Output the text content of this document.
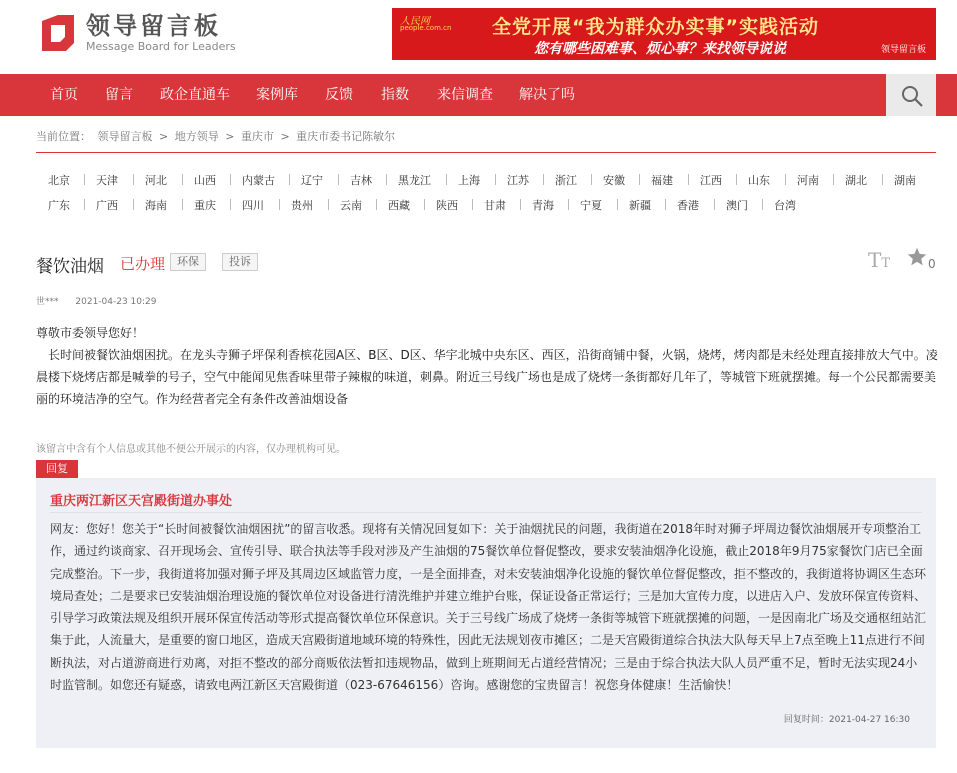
领导留言板
Message Board for Leaders
人民网
people.com.cn 全党开展“我为群众办实事”实践活动
您有哪些困难事、烦心事？来找领导说说	领导留言板
首页 留言 政企直通车 案例库 反馈 指数 来信调查 解决了吗
当前位置： 领导留言板 > 地方领导 > 重庆市 > 重庆市委书记陈敏尔
北京 天津 河北 山西 内蒙古 辽宁 吉林 黑龙江 上海 江苏 浙江 安徽 福建 江西 山东 河南 湖北 湖南
广东 广西 海南 重庆 四川 贵州 云南 西藏 陕西 甘肃 青海 宁夏 新疆 香港 澳门 台湾
餐饮油烟 已办理	环保	投诉	TT	0
世*** 2021-04-23 10:29

尊敬市委领导您好！

长时间被餐饮油烟困扰。在龙头寺狮子坪保利香槟花园A区、B区、D区、华宇北城中央东区、西区，沿街商铺中餐，火锅，烧烤，烤肉都是未经处理直接排放大气中。凌晨楼下烧烤店都是喊拳的号子，空气中能闻见焦香味里带子辣椒的味道，刺鼻。附近三号线广场也是成了烧烤一条街都好几年了，等城管下班就摆摊。每一个公民都需要美丽的环境洁净的空气。作为经营者完全有条件改善油烟设备

该留言中含有个人信息或其他不便公开展示的内容，仅办理机构可见。
回复
重庆两江新区天宫殿街道办事处
网友：您好！您关于“长时间被餐饮油烟困扰”的留言收悉。现将有关情况回复如下：关于油烟扰民的问题，我街道在2018年时对狮子坪周边餐饮油烟展开专项整治工作，通过约谈商家、召开现场会、宣传引导、联合执法等手段对涉及产生油烟的75餐饮单位督促整改，要求安装油烟净化设施，截止2018年9月75家餐饮门店已全面完成整治。下一步，我街道将加强对狮子坪及其周边区域监管力度，一是全面排查，对未安装油烟净化设施的餐饮单位督促整改，拒不整改的，我街道将协调区生态环境局查处；二是要求已安装油烟治理设施的餐饮单位对设备进行清洗维护并建立维护台账，保证设备正常运行；三是加大宣传力度，以进店入户、发放环保宣传资料、引导学习政策法规及组织开展环保宣传活动等形式提高餐饮单位环保意识。关于三号线广场成了烧烤一条街等城管下班就摆摊的问题，一是因南北广场及交通枢纽站汇集于此，人流量大，是重要的窗口地区，造成天宫殿街道地域环境的特殊性，因此无法规划夜市摊区；二是天宫殿街道综合执法大队每天早上7点至晚上11点进行不间断执法，对占道游商进行劝离，对拒不整改的部分商贩依法暂扣违规物品，做到上班期间无占道经营情况；三是由于综合执法大队人员严重不足，暂时无法实现24小时监管制。如您还有疑惑，请致电两江新区天宫殿街道（023-67646156）咨询。感谢您的宝贵留言！祝您身体健康！生活愉快！
回复时间：2021-04-27 16:30
